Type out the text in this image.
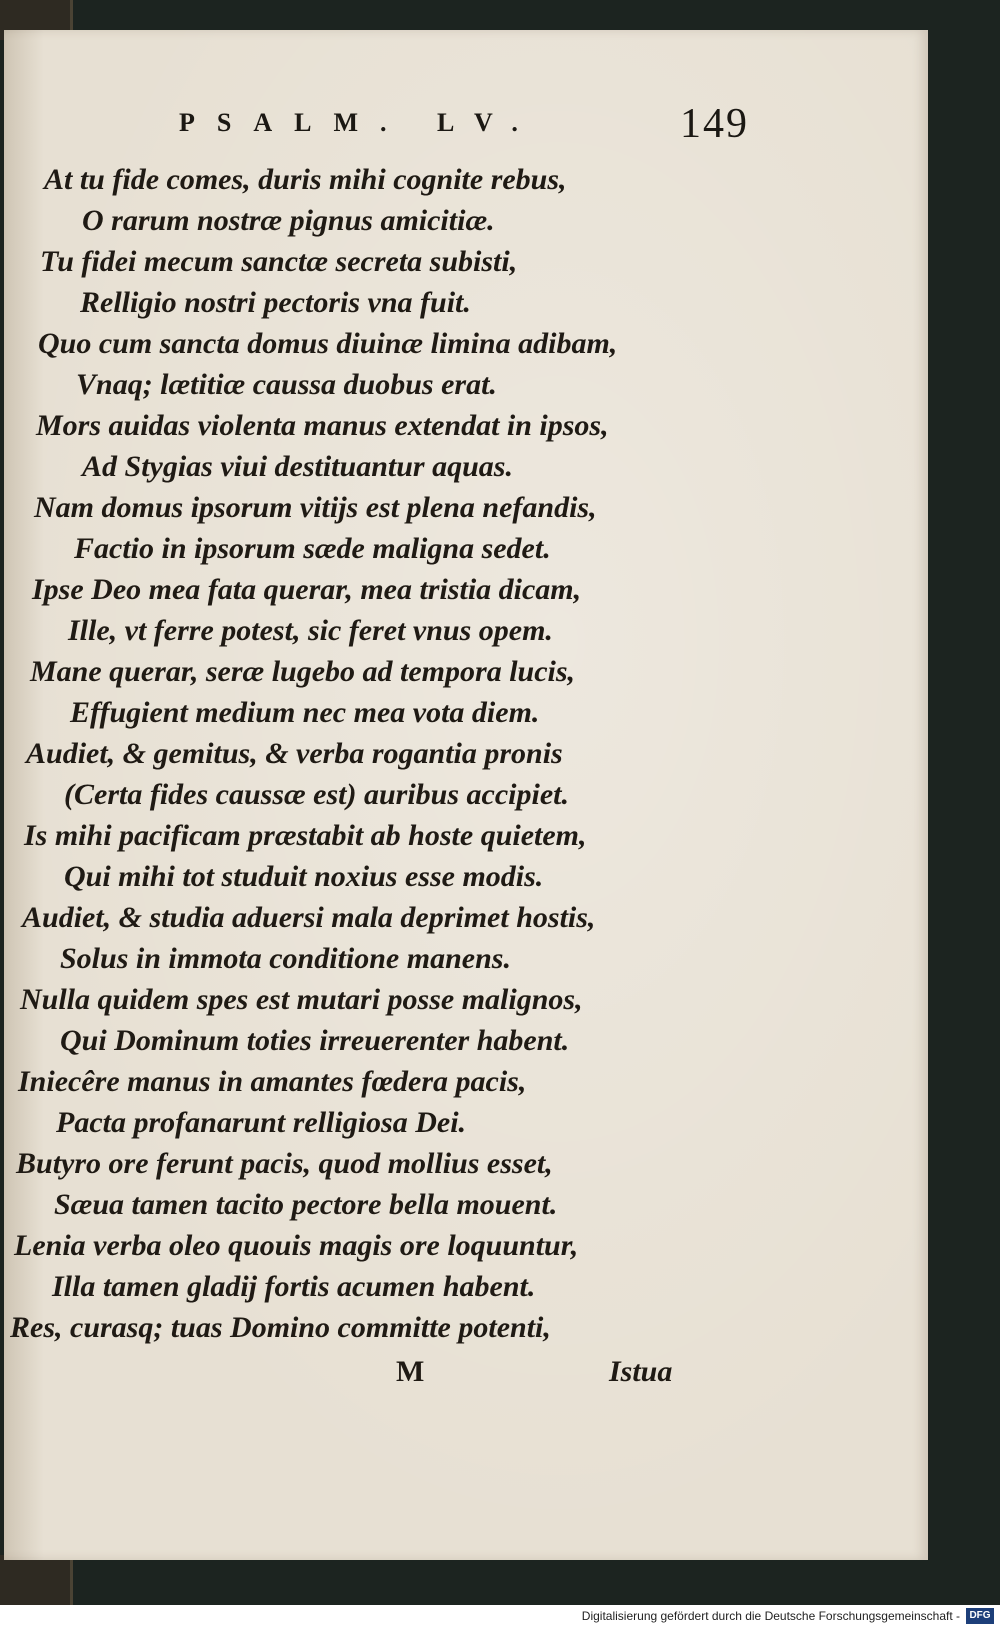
PSALM. LV.	149
At tu fide comes, duris mihi cognite rebus,
O rarum nostræ pignus amicitiæ.
Tu fidei mecum sanctæ secreta subisti,
Relligio nostri pectoris vna fuit.
Quo cum sancta domus diuinæ limina adibam,
Vnaq; lætitiæ caussa duobus erat.
Mors auidas violenta manus extendat in ipsos,
Ad Stygias viui destituantur aquas.
Nam domus ipsorum vitijs est plena nefandis,
Factio in ipsorum sæde maligna sedet.
Ipse Deo mea fata querar, mea tristia dicam,
Ille, vt ferre potest, sic feret vnus opem.
Mane querar, seræ lugebo ad tempora lucis,
Effugient medium nec mea vota diem.
Audiet, & gemitus, & verba rogantia pronis
(Certa fides caussæ est) auribus accipiet.
Is mihi pacificam præstabit ab hoste quietem,
Qui mihi tot studuit noxius esse modis.
Audiet, & studia aduersi mala deprimet hostis,
Solus in immota conditione manens.
Nulla quidem spes est mutari posse malignos,
Qui Dominum toties irreuerenter habent.
Iniecêre manus in amantes fœdera pacis,
Pacta profanarunt relligiosa Dei.
Butyro ore ferunt pacis, quod mollius esset,
Sæua tamen tacito pectore bella mouent.
Lenia verba oleo quouis magis ore loquuntur,
Illa tamen gladij fortis acumen habent.
Res, curasq; tuas Domino committe potenti,
M	Istua
Digitalisierung gefördert durch die Deutsche Forschungsgemeinschaft - DFG
